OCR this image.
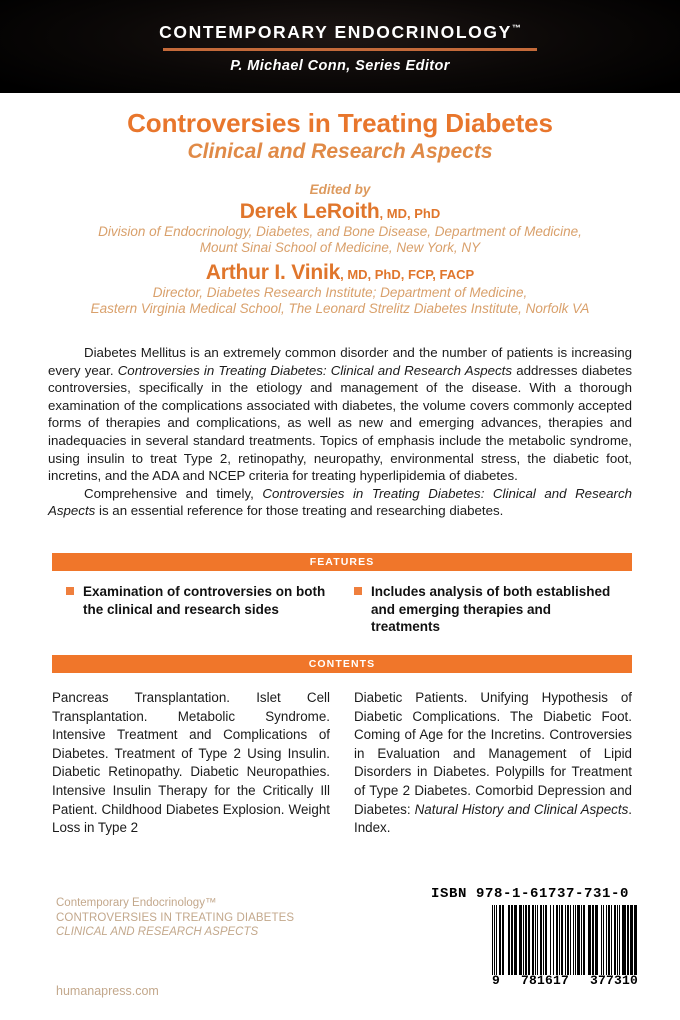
CONTEMPORARY ENDOCRINOLOGY™
P. Michael Conn, Series Editor
Controversies in Treating Diabetes
Clinical and Research Aspects
Edited by
Derek LeRoith, MD, PhD
Division of Endocrinology, Diabetes, and Bone Disease, Department of Medicine,
Mount Sinai School of Medicine, New York, NY
Arthur I. Vinik, MD, PhD, FCP, FACP
Director, Diabetes Research Institute; Department of Medicine,
Eastern Virginia Medical School, The Leonard Strelitz Diabetes Institute, Norfolk VA

Diabetes Mellitus is an extremely common disorder and the number of patients is increasing every year. Controversies in Treating Diabetes: Clinical and Research Aspects addresses diabetes controversies, specifically in the etiology and management of the disease. With a thorough examination of the complications associated with diabetes, the volume covers commonly accepted forms of therapies and complications, as well as new and emerging advances, therapies and inadequacies in several standard treatments. Topics of emphasis include the metabolic syndrome, using insulin to treat Type 2, retinopathy, neuropathy, environmental stress, the diabetic foot, incretins, and the ADA and NCEP criteria for treating hyperlipidemia of diabetes.

Comprehensive and timely, Controversies in Treating Diabetes: Clinical and Research Aspects is an essential reference for those treating and researching diabetes.

FEATURES
Examination of controversies on both the clinical and research sides
Includes analysis of both established and emerging therapies and treatments
CONTENTS
Pancreas Transplantation. Islet Cell Transplantation. Metabolic Syndrome. Intensive Treatment and Complications of Diabetes. Treatment of Type 2 Using Insulin. Diabetic Retinopathy. Diabetic Neuropathies. Intensive Insulin Therapy for the Critically Ill Patient. Childhood Diabetes Explosion. Weight Loss in Type 2
Diabetic Patients. Unifying Hypothesis of Diabetic Complications. The Diabetic Foot. Coming of Age for the Incretins. Controversies in Evaluation and Management of Lipid Disorders in Diabetes. Polypills for Treatment of Type 2 Diabetes. Comorbid Depression and Diabetes: Natural History and Clinical Aspects. Index.
Contemporary Endocrinology™
CONTROVERSIES IN TREATING DIABETES
CLINICAL AND RESEARCH ASPECTS
humanapress.com
ISBN 978-1-61737-731-0
9 781617 377310
